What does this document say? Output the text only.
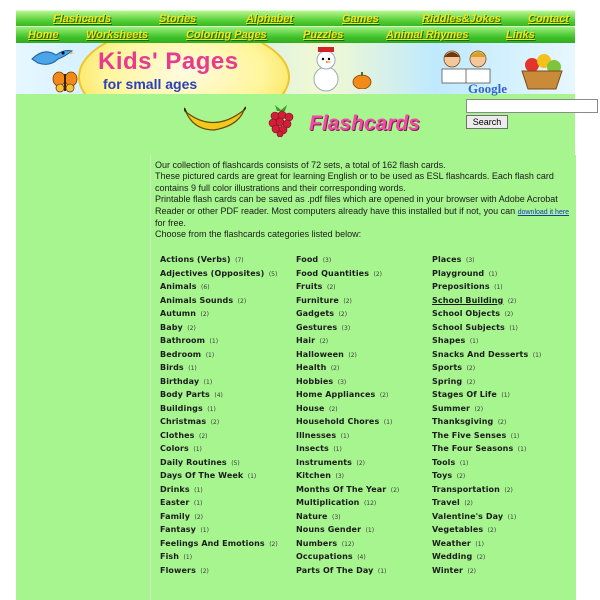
Flashcards	Stories	Alphabet	Games	Riddles&Jokes Contact
Home Worksheets	Coloring Pages	Puzzles	Animal Rhymes	Links
Kids' Pages
for small ages
Flashcards
Google
Search

Our collection of flashcards consists of 72 sets, a total of 162 flash cards.

These pictured cards are great for learning English or to be used as ESL flashcards. Each flash card contains 9 full color illustrations and their corresponding words.

Printable flash cards can be saved as .pdf files which are opened in your browser with Adobe Acrobat Reader or other PDF reader. Most computers already have this installed but if not, you can download it here for free.

Choose from the flashcards categories listed below:

Actions (Verbs) (7)
Adjectives (Opposites) (5)
Animals (6)
Animals Sounds (2)
Autumn (2)
Baby (2)
Bathroom (1)
Bedroom (1)
Birds (1)
Birthday (1)
Body Parts (4)
Buildings (1)
Christmas (2)
Clothes (2)
Colors (1)
Daily Routines (5)
Days Of The Week (1)
Drinks (1)
Easter (1)
Family (2)
Fantasy (1)
Feelings And Emotions (2)
Fish (1)
Flowers (2)
Food (3)
Food Quantities (2)
Fruits (2)
Furniture (2)
Gadgets (2)
Gestures (3)
Hair (2)
Halloween (2)
Health (2)
Hobbies (3)
Home Appliances (2)
House (2)
Household Chores (1)
Illnesses (1)
Insects (1)
Instruments (2)
Kitchen (3)
Months Of The Year (2)
Multiplication (12)
Nature (3)
Nouns Gender (1)
Numbers (12)
Occupations (4)
Parts Of The Day (1)
Places (3)
Playground (1)
Prepositions (1)
School Building (2)
School Objects (2)
School Subjects (1)
Shapes (1)
Snacks And Desserts (1)
Sports (2)
Spring (2)
Stages Of Life (1)
Summer (2)
Thanksgiving (2)
The Five Senses (1)
The Four Seasons (1)
Tools (1)
Toys (2)
Transportation (2)
Travel (2)
Valentine's Day (1)
Vegetables (2)
Weather (1)
Wedding (2)
Winter (2)
